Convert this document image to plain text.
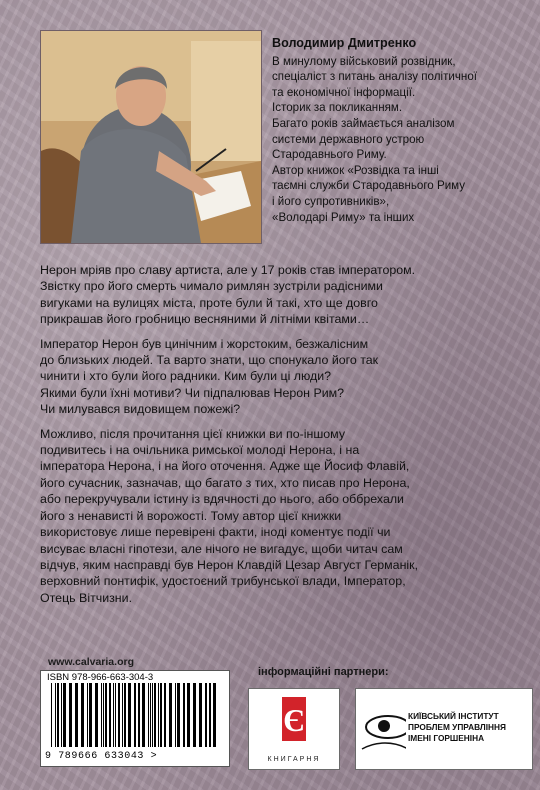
Володимир Дмитренко
В минулому військовий розвідник,
спеціаліст з питань аналізу політичної
та економічної інформації.
Історик за покликанням.
Багато років займається аналізом
системи державного устрою
Стародавнього Риму.
Автор книжок «Розвідка та інші
таємні служби Стародавнього Риму
і його супротивників»,
«Володарі Риму» та інших

Нерон мріяв про славу артиста, але у 17 років став імператором.

Звістку про його смерть чимало римлян зустріли радісними

вигуками на вулицях міста, проте були й такі, хто ще довго

прикрашав його гробницю весняними й літніми квітами…

Імператор Нерон був цинічним і жорстоким, безжалісним

до близьких людей. Та варто знати, що спонукало його так

чинити і хто були його радники. Ким були ці люди?

Якими були їхні мотиви? Чи підпалював Нерон Рим?

Чи милувався видовищем пожежі?

Можливо, після прочитання цієї книжки ви по-іншому

подивитесь і на очільника римської молоді Нерона, і на

імператора Нерона, і на його оточення. Адже ще Йосиф Флавій,

його сучасник, зазначав, що багато з тих, хто писав про Нерона,

або перекручували істину із вдячності до нього, або оббрехали

його з ненависті й ворожості. Тому автор цієї книжки

використовує лише перевірені факти, іноді коментує події чи

висуває власні гіпотези, але нічого не вигадує, щоби читач сам

відчув, яким насправді був Нерон Клавдій Цезар Август Германік,

верховний понтифік, удостоєний трибунської влади, Імператор,

Отець Вітчизни.

www.calvaria.org
ISBN 978-966-663-304-3
9 789666 633043 >
інформаційні партнери:
Є
КНИГАРНЯ
КИЇВСЬКИЙ ІНСТИТУТ
ПРОБЛЕМ УПРАВЛІННЯ
ІМЕНІ ГОРШЕНІНА
